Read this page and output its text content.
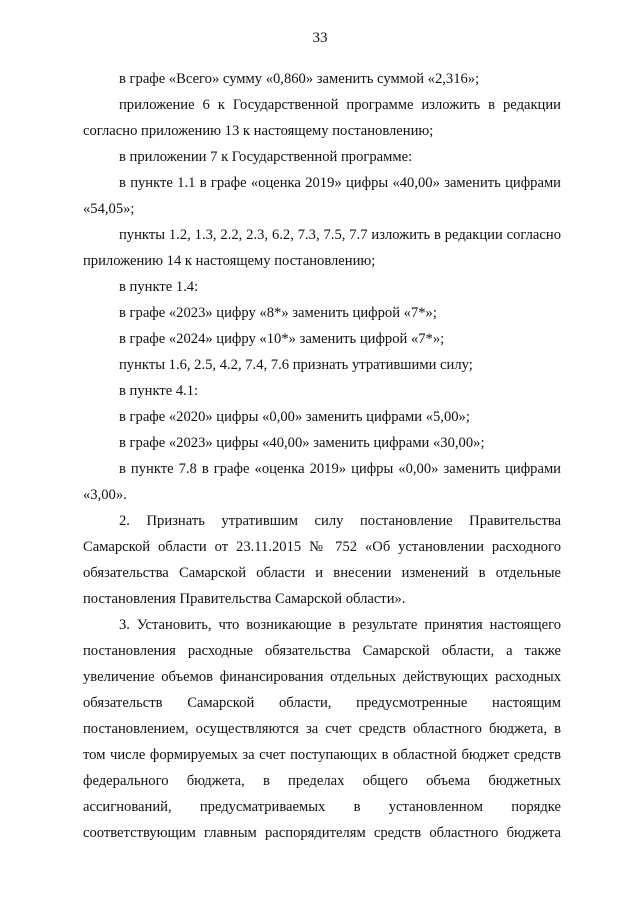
33
в графе «Всего» сумму «0,860» заменить суммой «2,316»;
приложение 6 к Государственной программе изложить в редакции
согласно приложению 13 к настоящему постановлению;
в приложении 7 к Государственной программе:
в пункте 1.1 в графе «оценка 2019» цифры «40,00» заменить цифрами
«54,05»;
пункты 1.2, 1.3, 2.2, 2.3, 6.2, 7.3, 7.5, 7.7 изложить в редакции согласно
приложению 14 к настоящему постановлению;
в пункте 1.4:
в графе «2023» цифру «8*» заменить цифрой «7*»;
в графе «2024» цифру «10*» заменить цифрой «7*»;
пункты 1.6, 2.5, 4.2, 7.4, 7.6 признать утратившими силу;
в пункте 4.1:
в графе «2020» цифры «0,00» заменить цифрами «5,00»;
в графе «2023» цифры «40,00» заменить цифрами «30,00»;
в пункте 7.8 в графе «оценка 2019» цифры «0,00» заменить цифрами
«3,00».
2. Признать утратившим силу постановление Правительства
Самарской области от 23.11.2015 № 752 «Об установлении расходного
обязательства Самарской области и внесении изменений в отдельные
постановления Правительства Самарской области».
3. Установить, что возникающие в результате принятия настоящего
постановления расходные обязательства Самарской области, а также
увеличение объемов финансирования отдельных действующих расходных
обязательств Самарской области, предусмотренные настоящим
постановлением, осуществляются за счет средств областного бюджета, в
том числе формируемых за счет поступающих в областной бюджет средств
федерального бюджета, в пределах общего объема бюджетных
ассигнований, предусматриваемых в установленном порядке
соответствующим главным распорядителям средств областного бюджета
